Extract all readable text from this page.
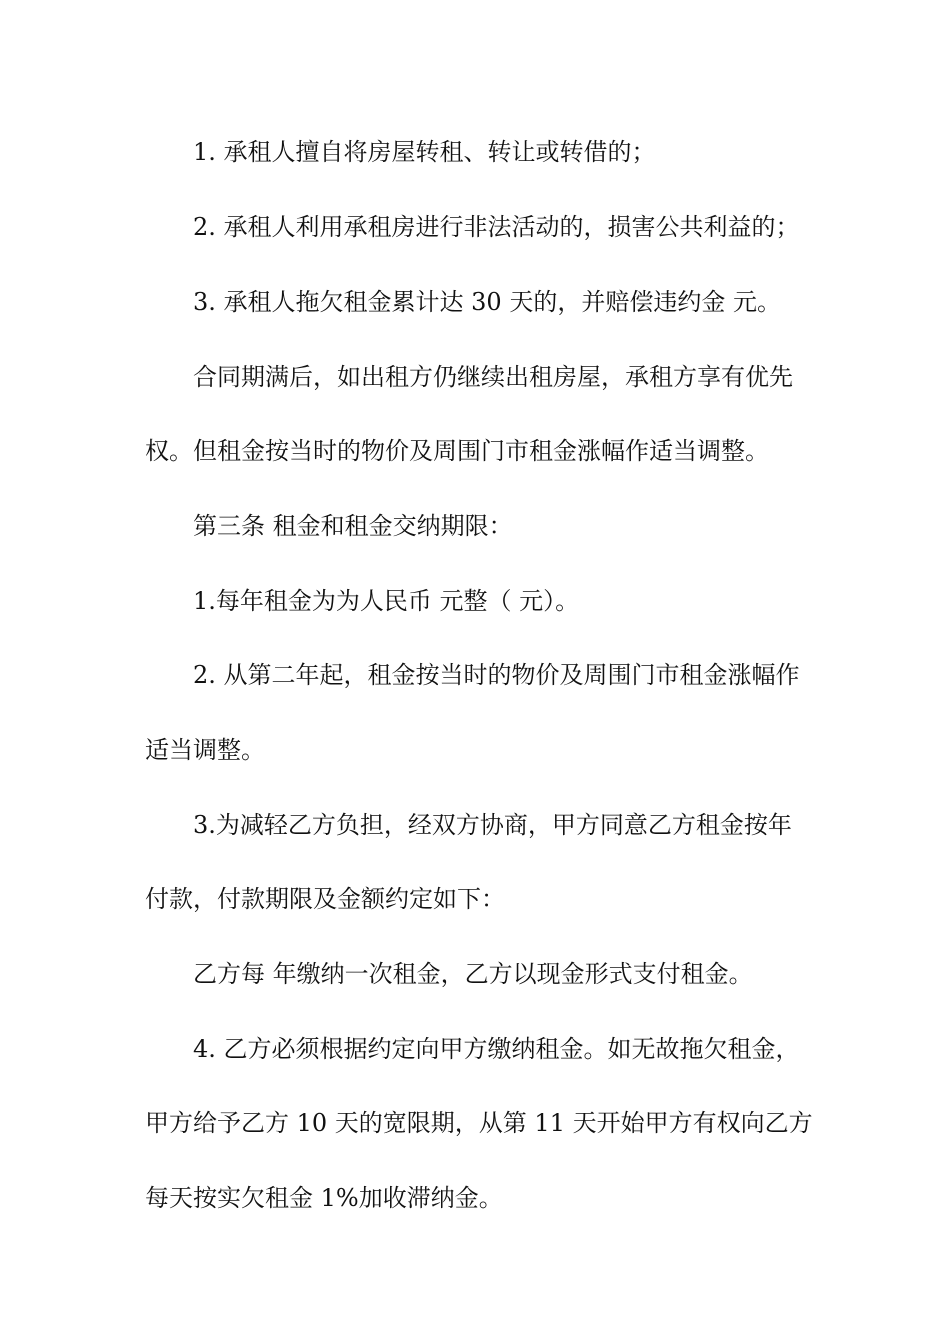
1. 承租人擅自将房屋转租、转让或转借的；
2. 承租人利用承租房进行非法活动的，损害公共利益的；
3. 承租人拖欠租金累计达 30 天的，并赔偿违约金 元。
合同期满后，如出租方仍继续出租房屋，承租方享有优先
权。但租金按当时的物价及周围门市租金涨幅作适当调整。
第三条 租金和租金交纳期限：
1.每年租金为为人民币 元整（ 元）。
2. 从第二年起，租金按当时的物价及周围门市租金涨幅作
适当调整。
3.为减轻乙方负担，经双方协商，甲方同意乙方租金按年
付款，付款期限及金额约定如下：
乙方每 年缴纳一次租金，乙方以现金形式支付租金。
4. 乙方必须根据约定向甲方缴纳租金。如无故拖欠租金，
甲方给予乙方 10 天的宽限期，从第 11 天开始甲方有权向乙方
每天按实欠租金 1%加收滞纳金。
